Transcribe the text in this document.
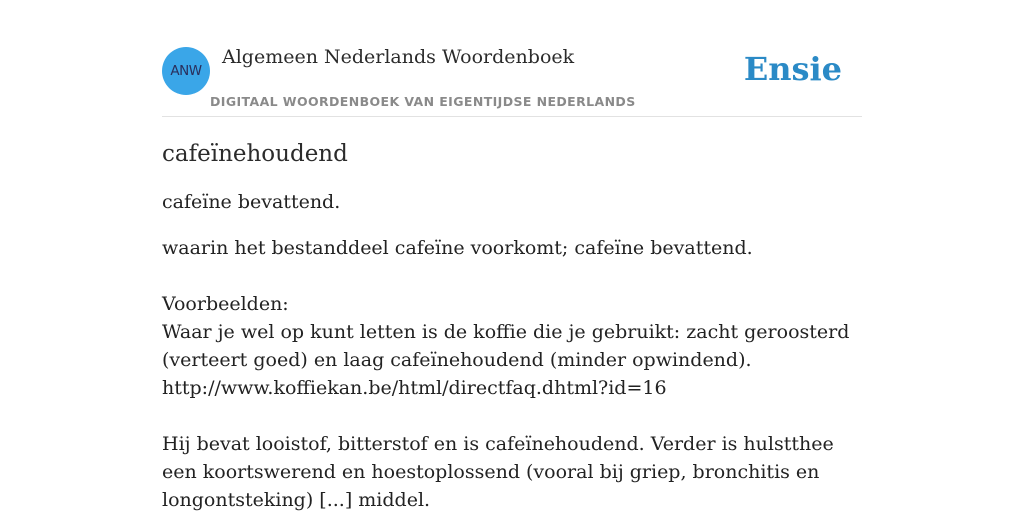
ANW
Algemeen Nederlands Woordenboek
DIGITAAL WOORDENBOEK VAN EIGENTIJDSE NEDERLANDS
Ensie
cafeïnehoudend

cafeïne bevattend.

waarin het bestanddeel cafeïne voorkomt; cafeïne bevattend.

Voorbeelden:

Waar je wel op kunt letten is de koffie die je gebruikt: zacht geroosterd (verteert goed) en laag cafeïnehoudend (minder opwindend).
http://www.koffiekan.be/html/directfaq.dhtml?id=16

Hij bevat looistof, bitterstof en is cafeïnehoudend. Verder is hulstthee een koortswerend en hoestoplossend (vooral bij griep, bronchitis en longontsteking) [...] middel.
